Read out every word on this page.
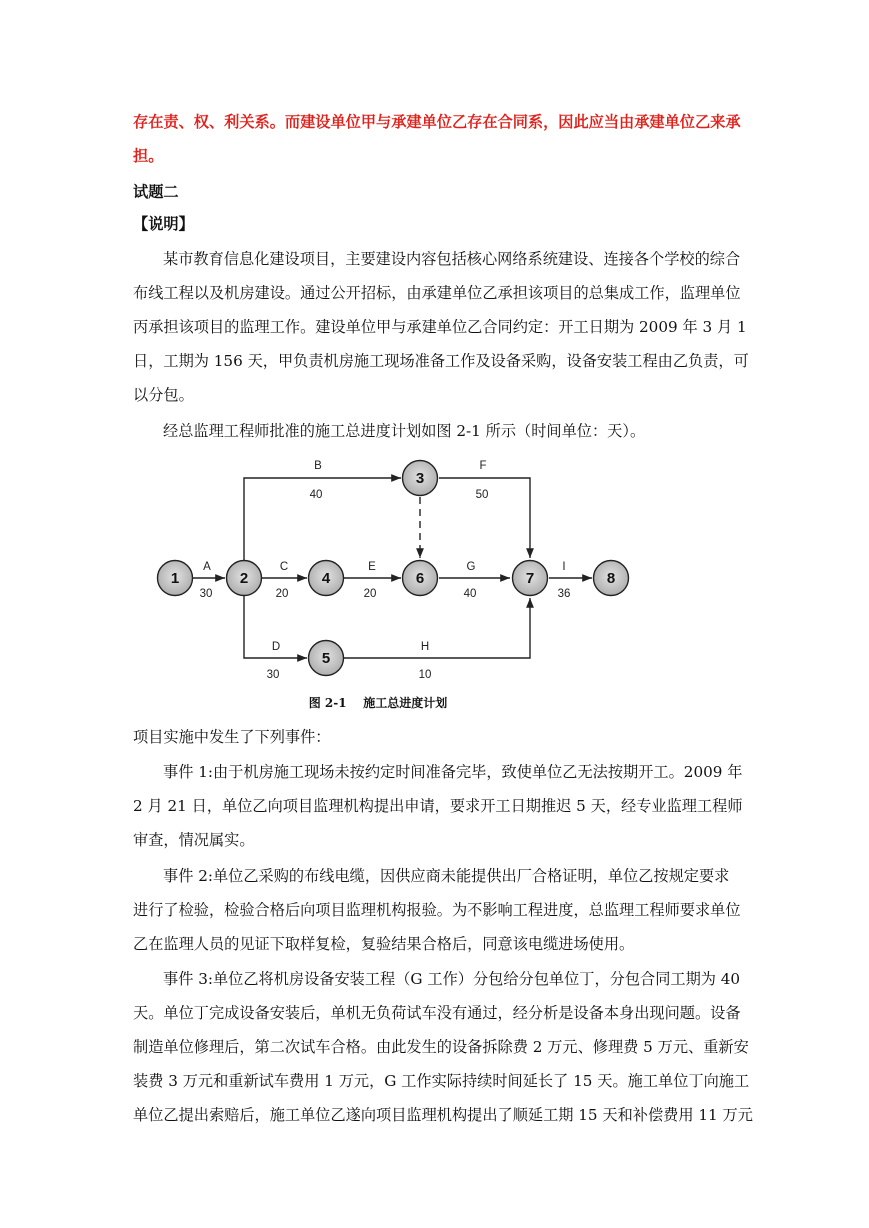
存在责、权、利关系。而建设单位甲与承建单位乙存在合同系，因此应当由承建单位乙来承

担。

试题二

【说明】

某市教育信息化建设项目，主要建设内容包括核心网络系统建设、连接各个学校的综合

布线工程以及机房建设。通过公开招标，由承建单位乙承担该项目的总集成工作，监理单位

丙承担该项目的监理工作。建设单位甲与承建单位乙合同约定：开工日期为 2009 年 3 月 1

日，工期为 156 天，甲负责机房施工现场准备工作及设备采购，设备安装工程由乙负责，可

以分包。

经总监理工程师批准的施工总进度计划如图 2-1 所示（时间单位：天）。

1	2
3
4
5
6	7	8
A
B
C
D
E
F
G
H
I
30
40
20
30
20
50
40
10
36
图 2-1    施工总进度计划

项目实施中发生了下列事件：

事件 1:由于机房施工现场未按约定时间准备完毕，致使单位乙无法按期开工。2009 年

2 月 21 日，单位乙向项目监理机构提出申请，要求开工日期推迟 5 天，经专业监理工程师

审查，情况属实。

事件 2:单位乙采购的布线电缆，因供应商未能提供出厂合格证明，单位乙按规定要求

进行了检验，检验合格后向项目监理机构报验。为不影响工程进度，总监理工程师要求单位

乙在监理人员的见证下取样复检，复验结果合格后，同意该电缆进场使用。

事件 3:单位乙将机房设备安装工程（G 工作）分包给分包单位丁，分包合同工期为 40

天。单位丁完成设备安装后，单机无负荷试车没有通过，经分析是设备本身出现问题。设备

制造单位修理后，第二次试车合格。由此发生的设备拆除费 2 万元、修理费 5 万元、重新安

装费 3 万元和重新试车费用 1 万元，G 工作实际持续时间延长了 15 天。施工单位丁向施工

单位乙提出索赔后，施工单位乙遂向项目监理机构提出了顺延工期 15 天和补偿费用 11 万元
